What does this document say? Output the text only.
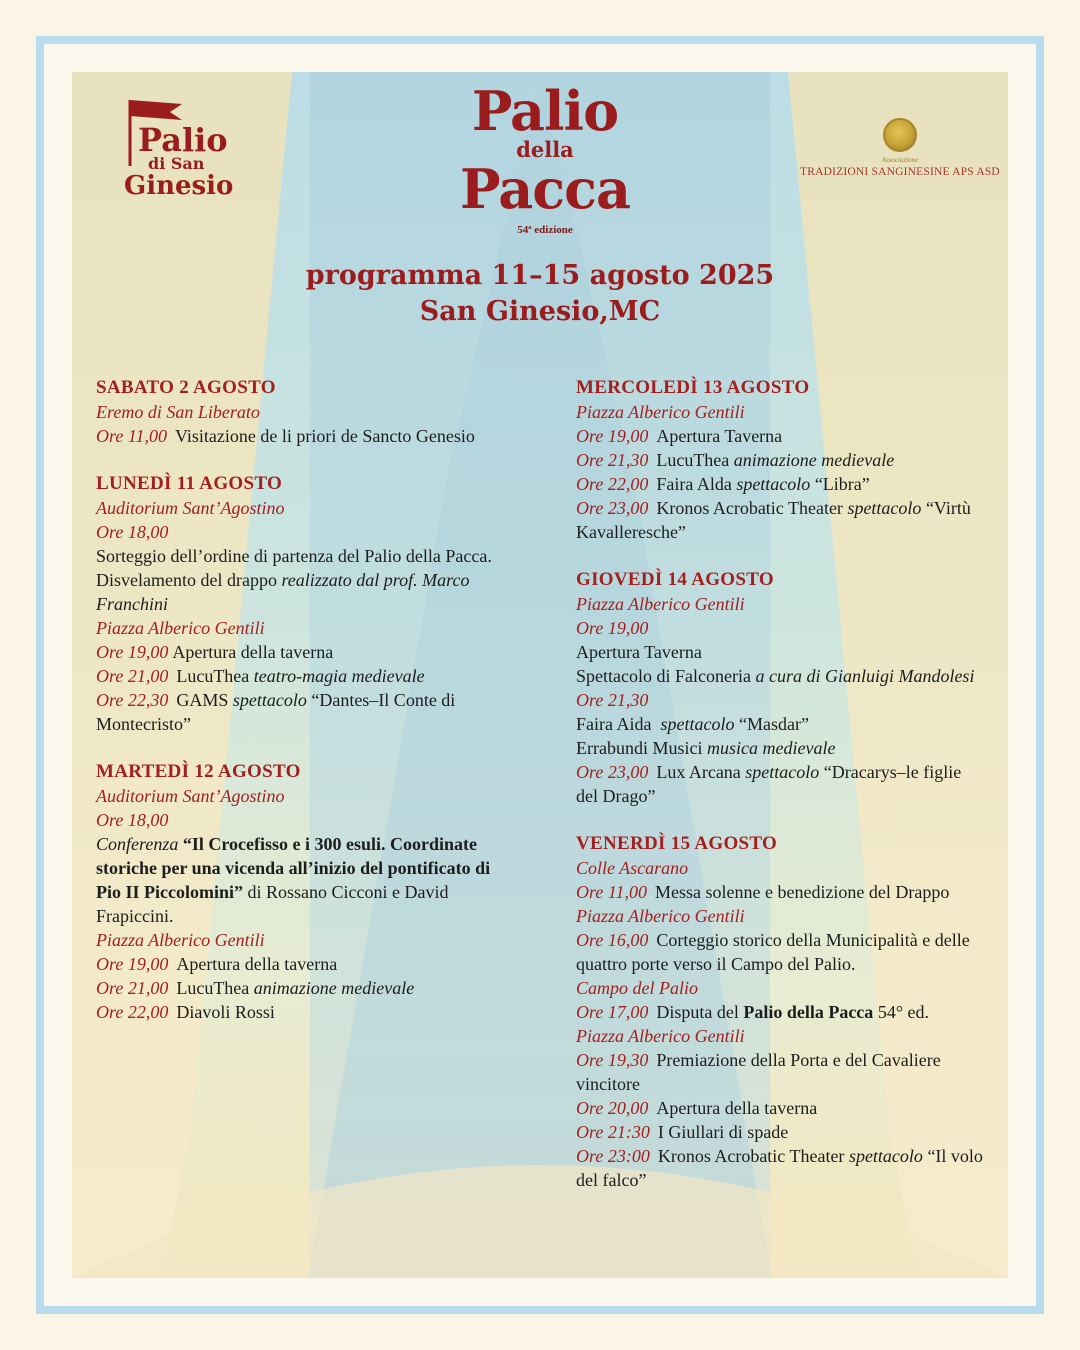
Palio
di San
Ginesio
Associazione
TRADIZIONI SANGINESINE APS ASD
Palio
della
Pacca
54ª edizione
programma 11–15 agosto 2025
San Ginesio,MC
SABATO 2 AGOSTO
Eremo di San Liberato
Ore 11,00 Visitazione de li priori de Sancto Genesio
LUNEDÌ 11 AGOSTO
Auditorium Sant’Agostino
Ore 18,00
Sorteggio dell’ordine di partenza del Palio della Pacca. Disvelamento del drappo realizzato dal prof. Marco Franchini
Piazza Alberico Gentili
Ore 19,00 Apertura della taverna
Ore 21,00 LucuThea teatro-magia medievale
Ore 22,30 GAMS spettacolo “Dantes–Il Conte di Montecristo”
MARTEDÌ 12 AGOSTO
Auditorium Sant’Agostino
Ore 18,00
Conferenza “Il Crocefisso e i 300 esuli. Coordinate storiche per una vicenda all’inizio del pontificato di Pio II Piccolomini” di Rossano Cicconi e David Frapiccini.
Piazza Alberico Gentili
Ore 19,00 Apertura della taverna
Ore 21,00 LucuThea animazione medievale
Ore 22,00 Diavoli Rossi
MERCOLEDÌ 13 AGOSTO
Piazza Alberico Gentili
Ore 19,00 Apertura Taverna
Ore 21,30 LucuThea animazione medievale
Ore 22,00 Faira Alda spettacolo “Libra”
Ore 23,00 Kronos Acrobatic Theater spettacolo “Virtù Kavalleresche”
GIOVEDÌ 14 AGOSTO
Piazza Alberico Gentili
Ore 19,00
Apertura Taverna
Spettacolo di Falconeria a cura di Gianluigi Mandolesi
Ore 21,30
Faira Aida spettacolo “Masdar”
Errabundi Musici musica medievale
Ore 23,00 Lux Arcana spettacolo “Dracarys–le figlie del Drago”
VENERDÌ 15 AGOSTO
Colle Ascarano
Ore 11,00 Messa solenne e benedizione del Drappo
Piazza Alberico Gentili
Ore 16,00 Corteggio storico della Municipalità e delle quattro porte verso il Campo del Palio.
Campo del Palio
Ore 17,00 Disputa del Palio della Pacca 54° ed.
Piazza Alberico Gentili
Ore 19,30 Premiazione della Porta e del Cavaliere vincitore
Ore 20,00 Apertura della taverna
Ore 21:30 I Giullari di spade
Ore 23:00 Kronos Acrobatic Theater spettacolo “Il volo del falco”
